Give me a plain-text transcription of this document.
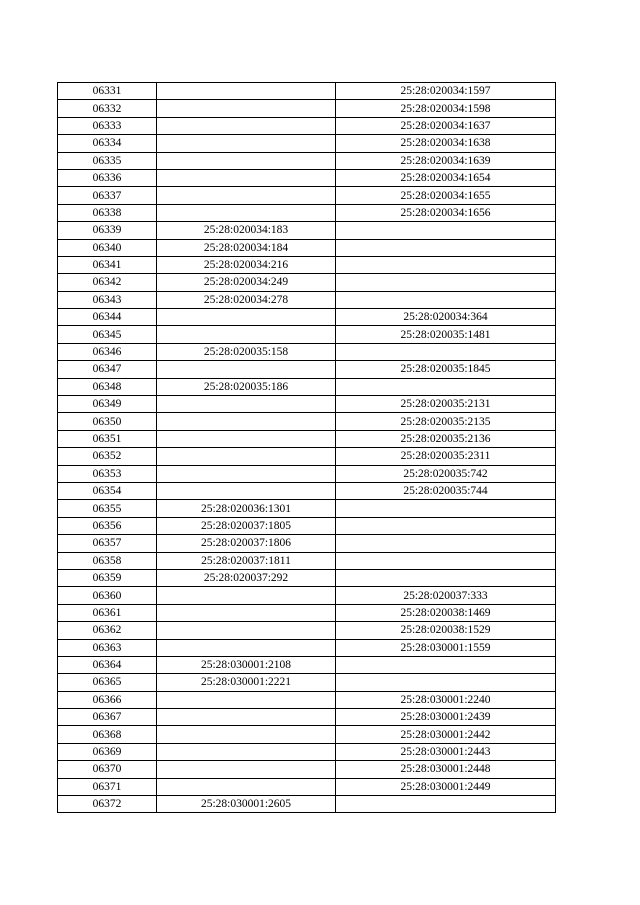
06331		25:28:020034:1597
06332		25:28:020034:1598
06333		25:28:020034:1637
06334		25:28:020034:1638
06335		25:28:020034:1639
06336		25:28:020034:1654
06337		25:28:020034:1655
06338		25:28:020034:1656
06339	25:28:020034:183	
06340	25:28:020034:184	
06341	25:28:020034:216	
06342	25:28:020034:249	
06343	25:28:020034:278	
06344		25:28:020034:364
06345		25:28:020035:1481
06346	25:28:020035:158	
06347		25:28:020035:1845
06348	25:28:020035:186	
06349		25:28:020035:2131
06350		25:28:020035:2135
06351		25:28:020035:2136
06352		25:28:020035:2311
06353		25:28:020035:742
06354		25:28:020035:744
06355	25:28:020036:1301	
06356	25:28:020037:1805	
06357	25:28:020037:1806	
06358	25:28:020037:1811	
06359	25:28:020037:292	
06360		25:28:020037:333
06361		25:28:020038:1469
06362		25:28:020038:1529
06363		25:28:030001:1559
06364	25:28:030001:2108	
06365	25:28:030001:2221	
06366		25:28:030001:2240
06367		25:28:030001:2439
06368		25:28:030001:2442
06369		25:28:030001:2443
06370		25:28:030001:2448
06371		25:28:030001:2449
06372	25:28:030001:2605	
